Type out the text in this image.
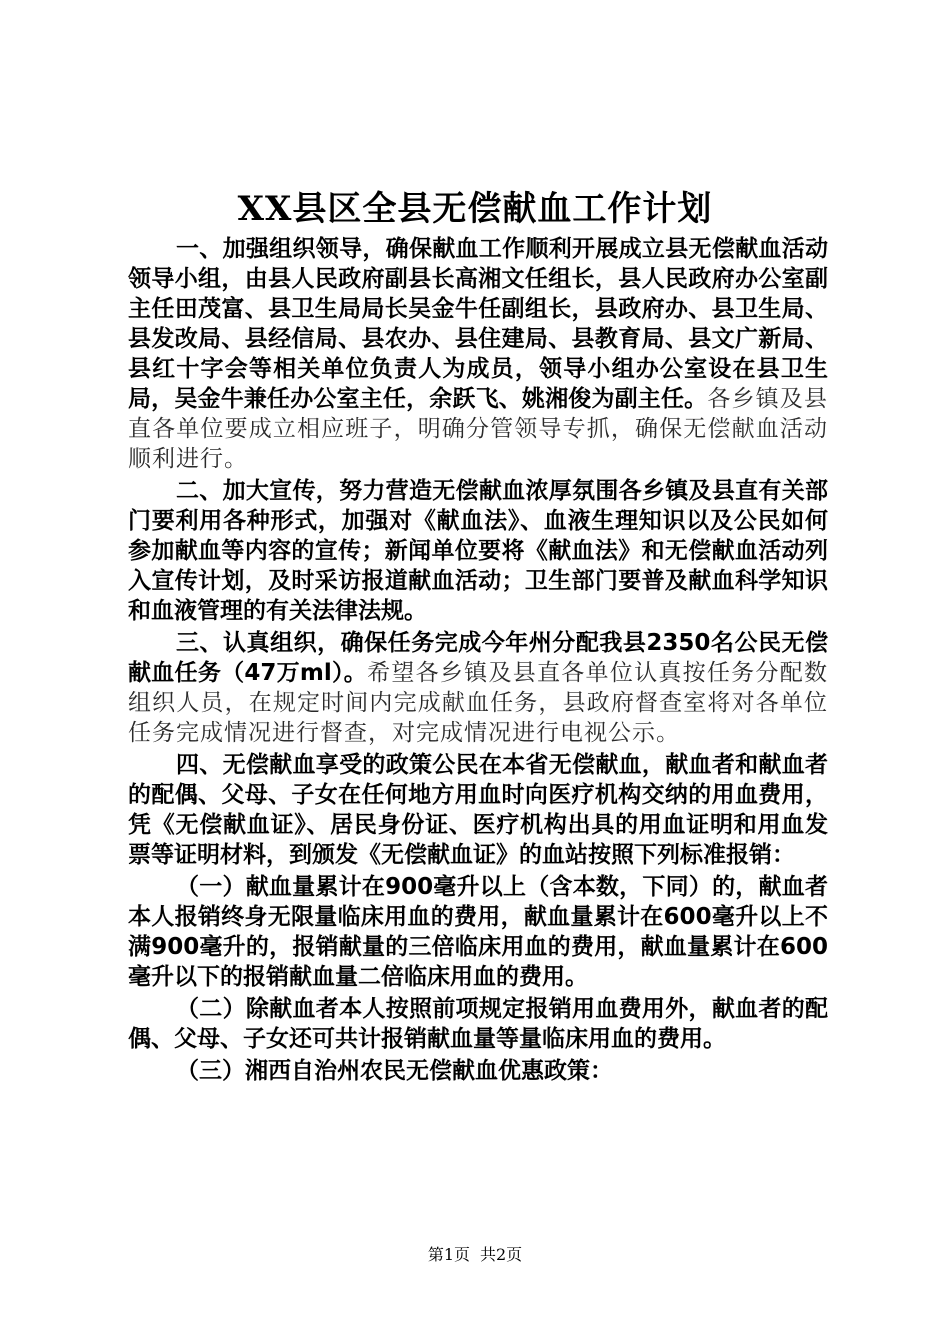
XX县区全县无偿献血工作计划

一、加强组织领导，确保献血工作顺利开展成立县无偿献血活动领导小组，由县人民政府副县长高湘文任组长，县人民政府办公室副主任田茂富、县卫生局局长吴金牛任副组长，县政府办、县卫生局、县发改局、县经信局、县农办、县住建局、县教育局、县文广新局、县红十字会等相关单位负责人为成员，领导小组办公室设在县卫生局，吴金牛兼任办公室主任，余跃飞、姚湘俊为副主任。各乡镇及县直各单位要成立相应班子，明确分管领导专抓，确保无偿献血活动顺利进行。

二、加大宣传，努力营造无偿献血浓厚氛围各乡镇及县直有关部门要利用各种形式，加强对《献血法》、血液生理知识以及公民如何参加献血等内容的宣传；新闻单位要将《献血法》和无偿献血活动列入宣传计划，及时采访报道献血活动；卫生部门要普及献血科学知识和血液管理的有关法律法规。

三、认真组织，确保任务完成今年州分配我县2350名公民无偿献血任务（47万ml）。希望各乡镇及县直各单位认真按任务分配数组织人员，在规定时间内完成献血任务，县政府督查室将对各单位任务完成情况进行督查，对完成情况进行电视公示。

四、无偿献血享受的政策公民在本省无偿献血，献血者和献血者的配偶、父母、子女在任何地方用血时向医疗机构交纳的用血费用，凭《无偿献血证》、居民身份证、医疗机构出具的用血证明和用血发票等证明材料，到颁发《无偿献血证》的血站按照下列标准报销：

（一）献血量累计在900毫升以上（含本数，下同）的，献血者本人报销终身无限量临床用血的费用，献血量累计在600毫升以上不满900毫升的，报销献量的三倍临床用血的费用，献血量累计在600毫升以下的报销献血量二倍临床用血的费用。

（二）除献血者本人按照前项规定报销用血费用外，献血者的配偶、父母、子女还可共计报销献血量等量临床用血的费用。

（三）湘西自治州农民无偿献血优惠政策：

第1页 共2页
